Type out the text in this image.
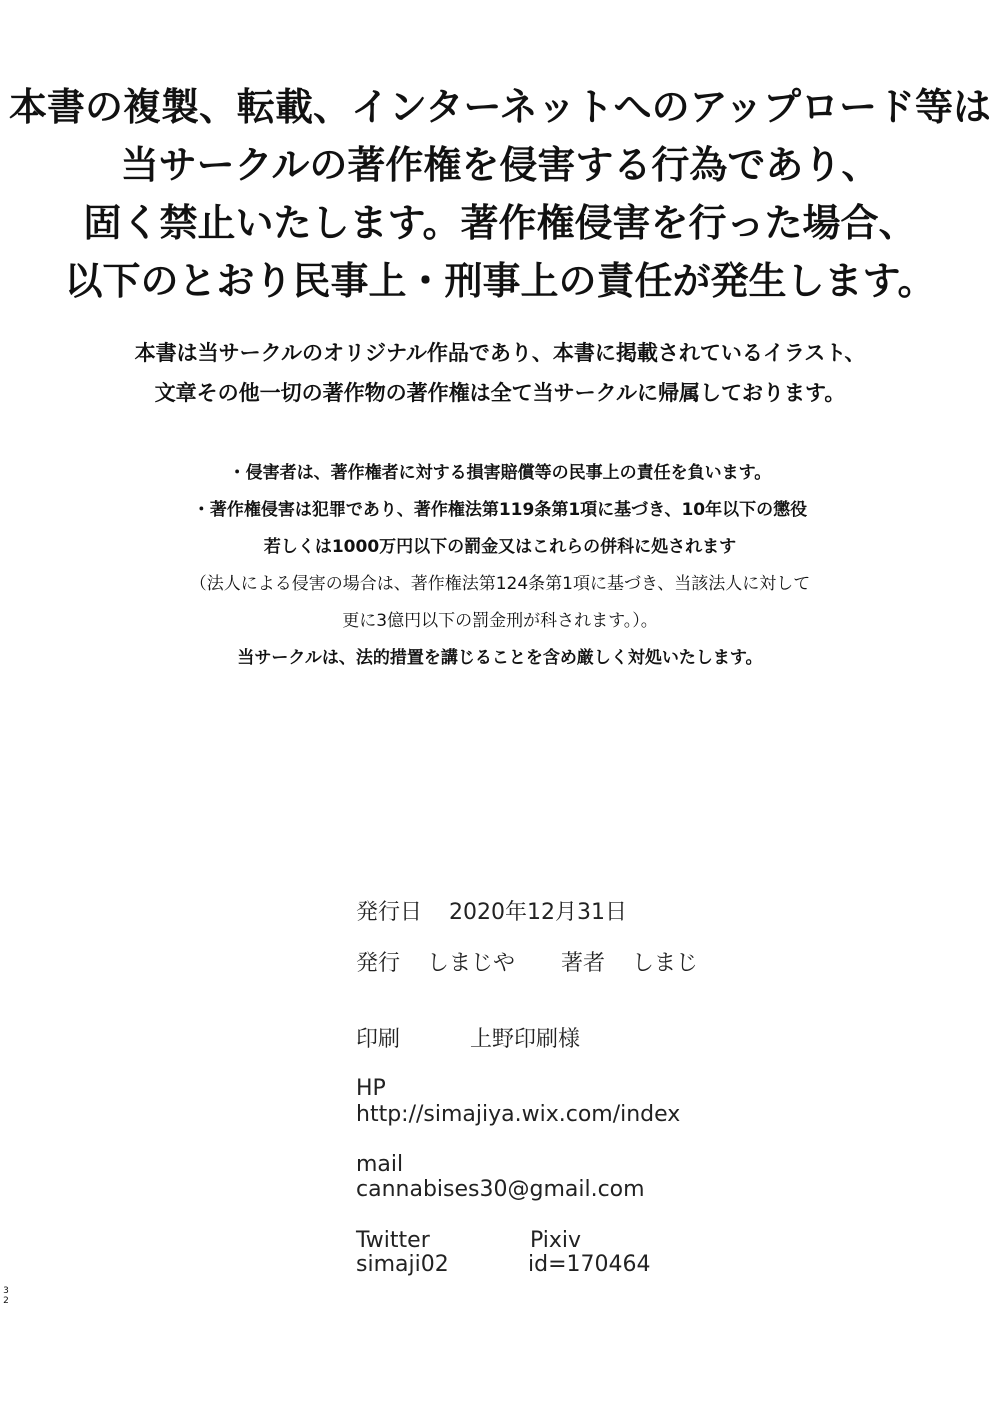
本書の複製、転載、インターネットへのアップロード等は
当サークルの著作権を侵害する行為であり、
固く禁止いたします。著作権侵害を行った場合、
以下のとおり民事上・刑事上の責任が発生します。
本書は当サークルのオリジナル作品であり、本書に掲載されているイラスト、
文章その他一切の著作物の著作権は全て当サークルに帰属しております。
・侵害者は、著作権者に対する損害賠償等の民事上の責任を負います。
・著作権侵害は犯罪であり、著作権法第119条第1項に基づき、10年以下の懲役
若しくは1000万円以下の罰金又はこれらの併科に処されます
（法人による侵害の場合は、著作権法第124条第1項に基づき、当該法人に対して
更に3億円以下の罰金刑が科されます。）。
当サークルは、法的措置を講じることを含め厳しく対処いたします。
発行日 2020年12月31日
発行 しまじや 著者 しまじ
印刷	上野印刷様
HP
http://simajiya.wix.com/index
mail
cannabises30@gmail.com
Twitter	Pixiv
simaji02	id=170464
3
2
